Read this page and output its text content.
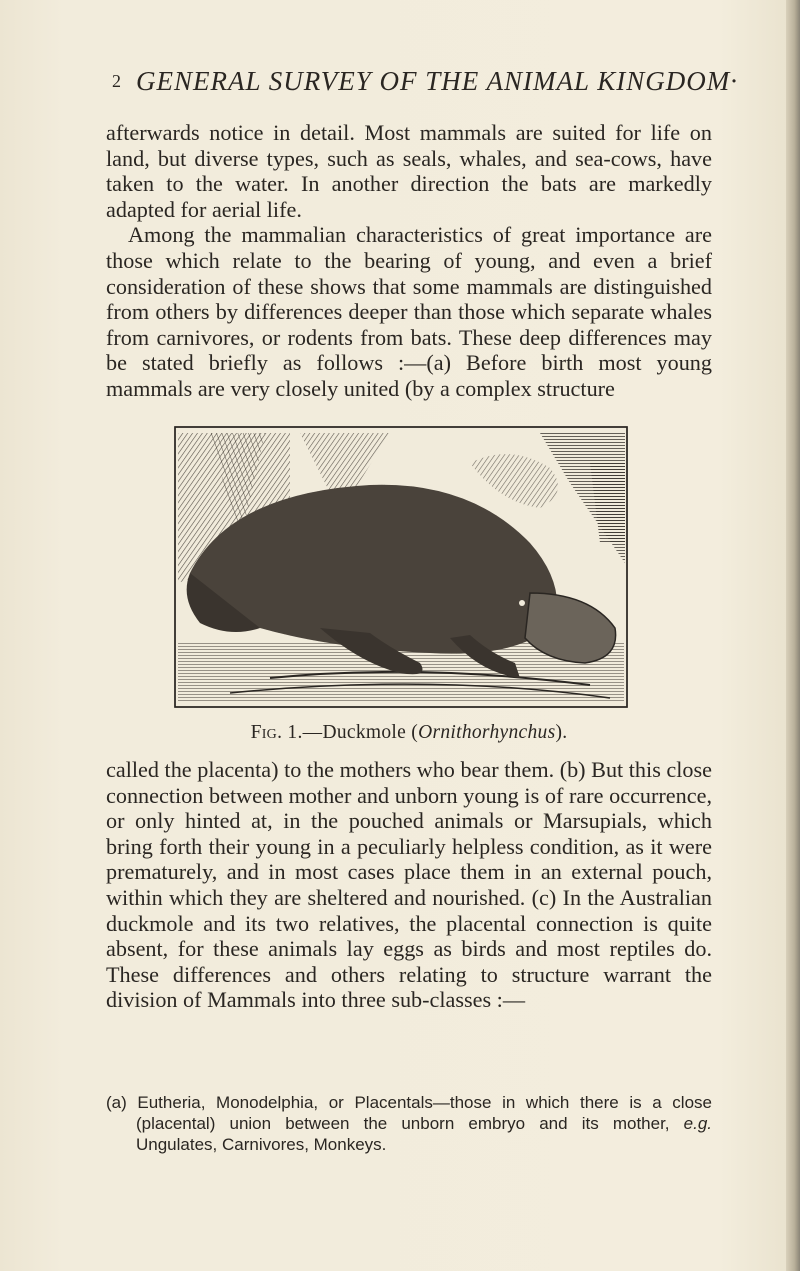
2 GENERAL SURVEY OF THE ANIMAL KINGDOM·

afterwards notice in detail. Most mammals are suited for life on land, but diverse types, such as seals, whales, and sea-cows, have taken to the water. In another direction the bats are markedly adapted for aerial life.

Among the mammalian characteristics of great importance are those which relate to the bearing of young, and even a brief consideration of these shows that some mammals are distinguished from others by differences deeper than those which separate whales from carnivores, or rodents from bats. These deep differences may be stated briefly as follows :—(a) Before birth most young mammals are very closely united (by a complex structure

Fig. 1.—Duckmole (Ornithorhynchus).

called the placenta) to the mothers who bear them. (b) But this close connection between mother and unborn young is of rare occurrence, or only hinted at, in the pouched animals or Marsupials, which bring forth their young in a peculiarly helpless condition, as it were prematurely, and in most cases place them in an external pouch, within which they are sheltered and nourished. (c) In the Australian duckmole and its two relatives, the placental connection is quite absent, for these animals lay eggs as birds and most reptiles do. These differences and others relating to structure warrant the division of Mammals into three sub-classes :—

(a) Eutheria, Monodelphia, or Placentals—those in which there is a close (placental) union between the unborn embryo and its mother, e.g. Ungulates, Carnivores, Monkeys.
